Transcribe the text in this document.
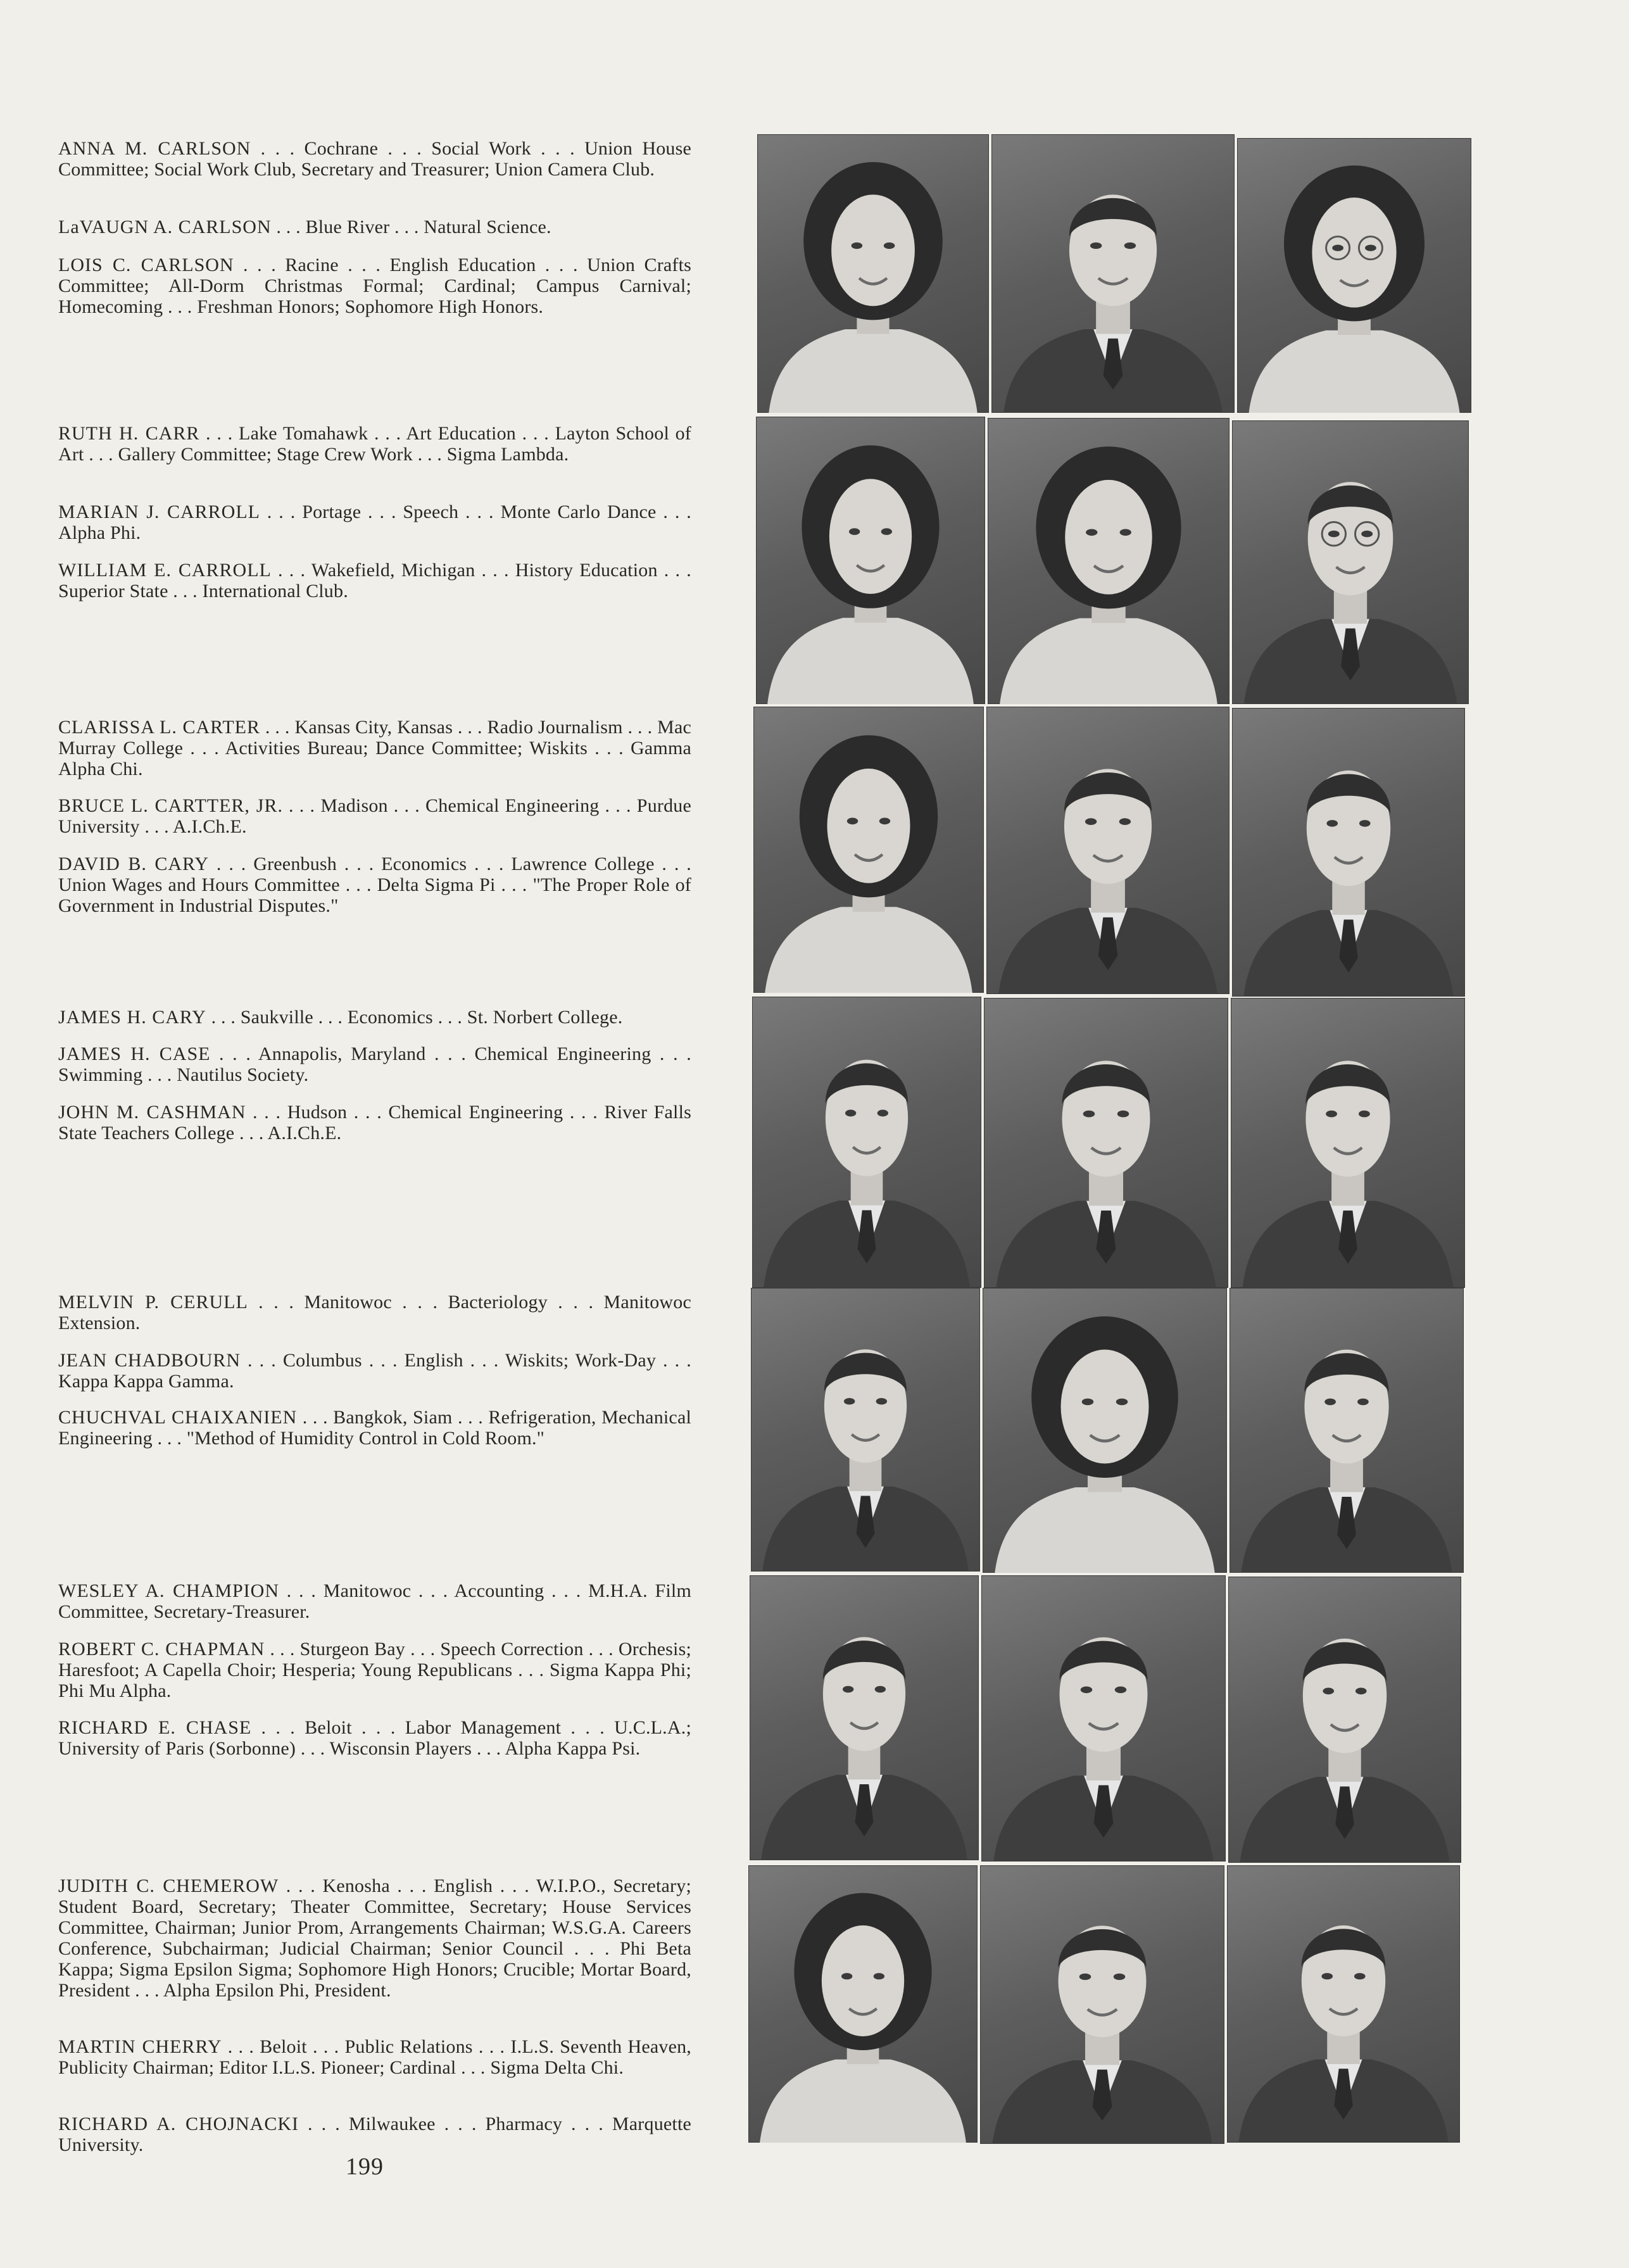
ANNA M. CARLSON . . . Cochrane . . . Social Work . . . Union House Committee; Social Work Club, Secretary and Treasurer; Union Camera Club.
LaVAUGN A. CARLSON . . . Blue River . . . Natural Science.
LOIS C. CARLSON . . . Racine . . . English Education . . . Union Crafts Committee; All-Dorm Christmas Formal; Cardinal; Campus Carnival; Homecoming . . . Freshman Honors; Sophomore High Honors.
RUTH H. CARR . . . Lake Tomahawk . . . Art Education . . . Layton School of Art . . . Gallery Committee; Stage Crew Work . . . Sigma Lambda.
MARIAN J. CARROLL . . . Portage . . . Speech . . . Monte Carlo Dance . . . Alpha Phi.
WILLIAM E. CARROLL . . . Wakefield, Michigan . . . History Education . . . Superior State . . . International Club.
CLARISSA L. CARTER . . . Kansas City, Kansas . . . Radio Journalism . . . Mac Murray College . . . Activities Bureau; Dance Committee; Wiskits . . . Gamma Alpha Chi.
BRUCE L. CARTTER, JR. . . . Madison . . . Chemical Engineering . . . Purdue University . . . A.I.Ch.E.
DAVID B. CARY . . . Greenbush . . . Economics . . . Lawrence College . . . Union Wages and Hours Committee . . . Delta Sigma Pi . . . "The Proper Role of Government in Industrial Disputes."
JAMES H. CARY . . . Saukville . . . Economics . . . St. Norbert College.
JAMES H. CASE . . . Annapolis, Maryland . . . Chemical Engineering . . . Swimming . . . Nautilus Society.
JOHN M. CASHMAN . . . Hudson . . . Chemical Engineering . . . River Falls State Teachers College . . . A.I.Ch.E.
MELVIN P. CERULL . . . Manitowoc . . . Bacteriology . . . Manitowoc Extension.
JEAN CHADBOURN . . . Columbus . . . English . . . Wiskits; Work-Day . . . Kappa Kappa Gamma.
CHUCHVAL CHAIXANIEN . . . Bangkok, Siam . . . Refrigeration, Mechanical Engineering . . . "Method of Humidity Control in Cold Room."
WESLEY A. CHAMPION . . . Manitowoc . . . Accounting . . . M.H.A. Film Committee, Secretary-Treasurer.
ROBERT C. CHAPMAN . . . Sturgeon Bay . . . Speech Correction . . . Orchesis; Haresfoot; A Capella Choir; Hesperia; Young Republicans . . . Sigma Kappa Phi; Phi Mu Alpha.
RICHARD E. CHASE . . . Beloit . . . Labor Management . . . U.C.L.A.; University of Paris (Sorbonne) . . . Wisconsin Players . . . Alpha Kappa Psi.
JUDITH C. CHEMEROW . . . Kenosha . . . English . . . W.I.P.O., Secretary; Student Board, Secretary; Theater Committee, Secretary; House Services Committee, Chairman; Junior Prom, Arrangements Chairman; W.S.G.A. Careers Conference, Subchairman; Judicial Chairman; Senior Council . . . Phi Beta Kappa; Sigma Epsilon Sigma; Sophomore High Honors; Crucible; Mortar Board, President . . . Alpha Epsilon Phi, President.
MARTIN CHERRY . . . Beloit . . . Public Relations . . . I.L.S. Seventh Heaven, Publicity Chairman; Editor I.L.S. Pioneer; Cardinal . . . Sigma Delta Chi.
RICHARD A. CHOJNACKI . . . Milwaukee . . . Pharmacy . . . Marquette University.
199
